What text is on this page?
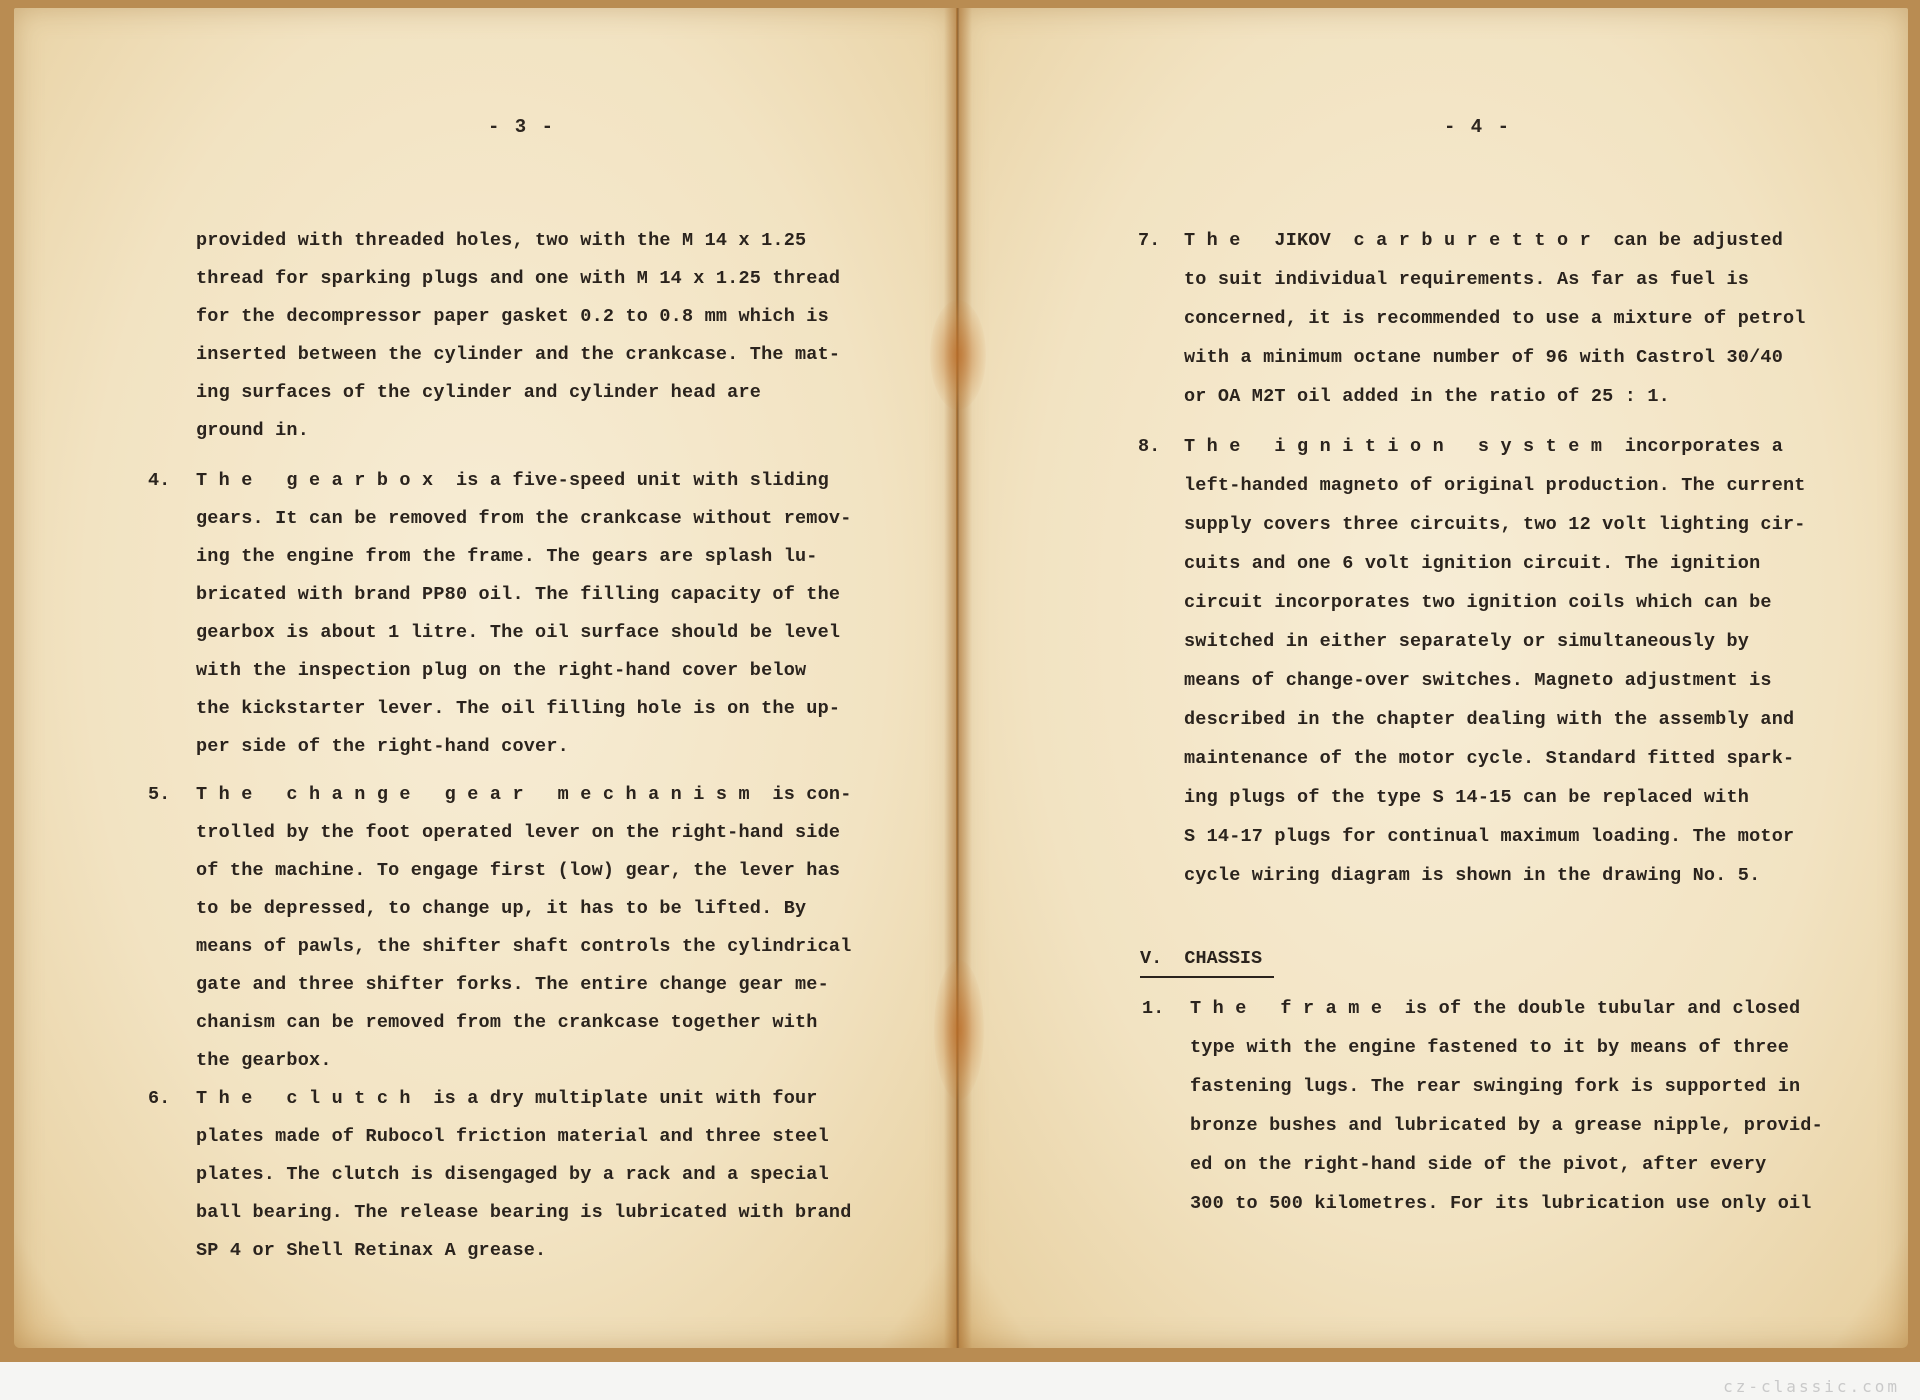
- 3 -
provided with threaded holes, two with the M 14 x 1.25
thread for sparking plugs and one with M 14 x 1.25 thread
for the decompressor paper gasket 0.2 to 0.8 mm which is
inserted between the cylinder and the crankcase. The mat-
ing surfaces of the cylinder and cylinder head are
ground in.
4. T h e   g e a r b o x  is a five-speed unit with sliding
gears. It can be removed from the crankcase without remov-
ing the engine from the frame. The gears are splash lu-
bricated with brand PP80 oil. The filling capacity of the
gearbox is about 1 litre. The oil surface should be level
with the inspection plug on the right-hand cover below
the kickstarter lever. The oil filling hole is on the up-
per side of the right-hand cover.
5. T h e   c h a n g e   g e a r   m e c h a n i s m  is con-
trolled by the foot operated lever on the right-hand side
of the machine. To engage first (low) gear, the lever has
to be depressed, to change up, it has to be lifted. By
means of pawls, the shifter shaft controls the cylindrical
gate and three shifter forks. The entire change gear me-
chanism can be removed from the crankcase together with
the gearbox.
6. T h e   c l u t c h  is a dry multiplate unit with four
plates made of Rubocol friction material and three steel
plates. The clutch is disengaged by a rack and a special
ball bearing. The release bearing is lubricated with brand
SP 4 or Shell Retinax A grease.
- 4 -
7. T h e   JIKOV  c a r b u r e t t o r  can be adjusted
to suit individual requirements. As far as fuel is
concerned, it is recommended to use a mixture of petrol
with a minimum octane number of 96 with Castrol 30/40
or OA M2T oil added in the ratio of 25 : 1.
8. T h e   i g n i t i o n   s y s t e m  incorporates a
left-handed magneto of original production. The current
supply covers three circuits, two 12 volt lighting cir-
cuits and one 6 volt ignition circuit. The ignition
circuit incorporates two ignition coils which can be
switched in either separately or simultaneously by
means of change-over switches. Magneto adjustment is
described in the chapter dealing with the assembly and
maintenance of the motor cycle. Standard fitted spark-
ing plugs of the type S 14-15 can be replaced with
S 14-17 plugs for continual maximum loading. The motor
cycle wiring diagram is shown in the drawing No. 5.
V.  CHASSIS
1. T h e   f r a m e  is of the double tubular and closed
type with the engine fastened to it by means of three
fastening lugs. The rear swinging fork is supported in
bronze bushes and lubricated by a grease nipple, provid-
ed on the right-hand side of the pivot, after every
300 to 500 kilometres. For its lubrication use only oil
cz-classic.com
